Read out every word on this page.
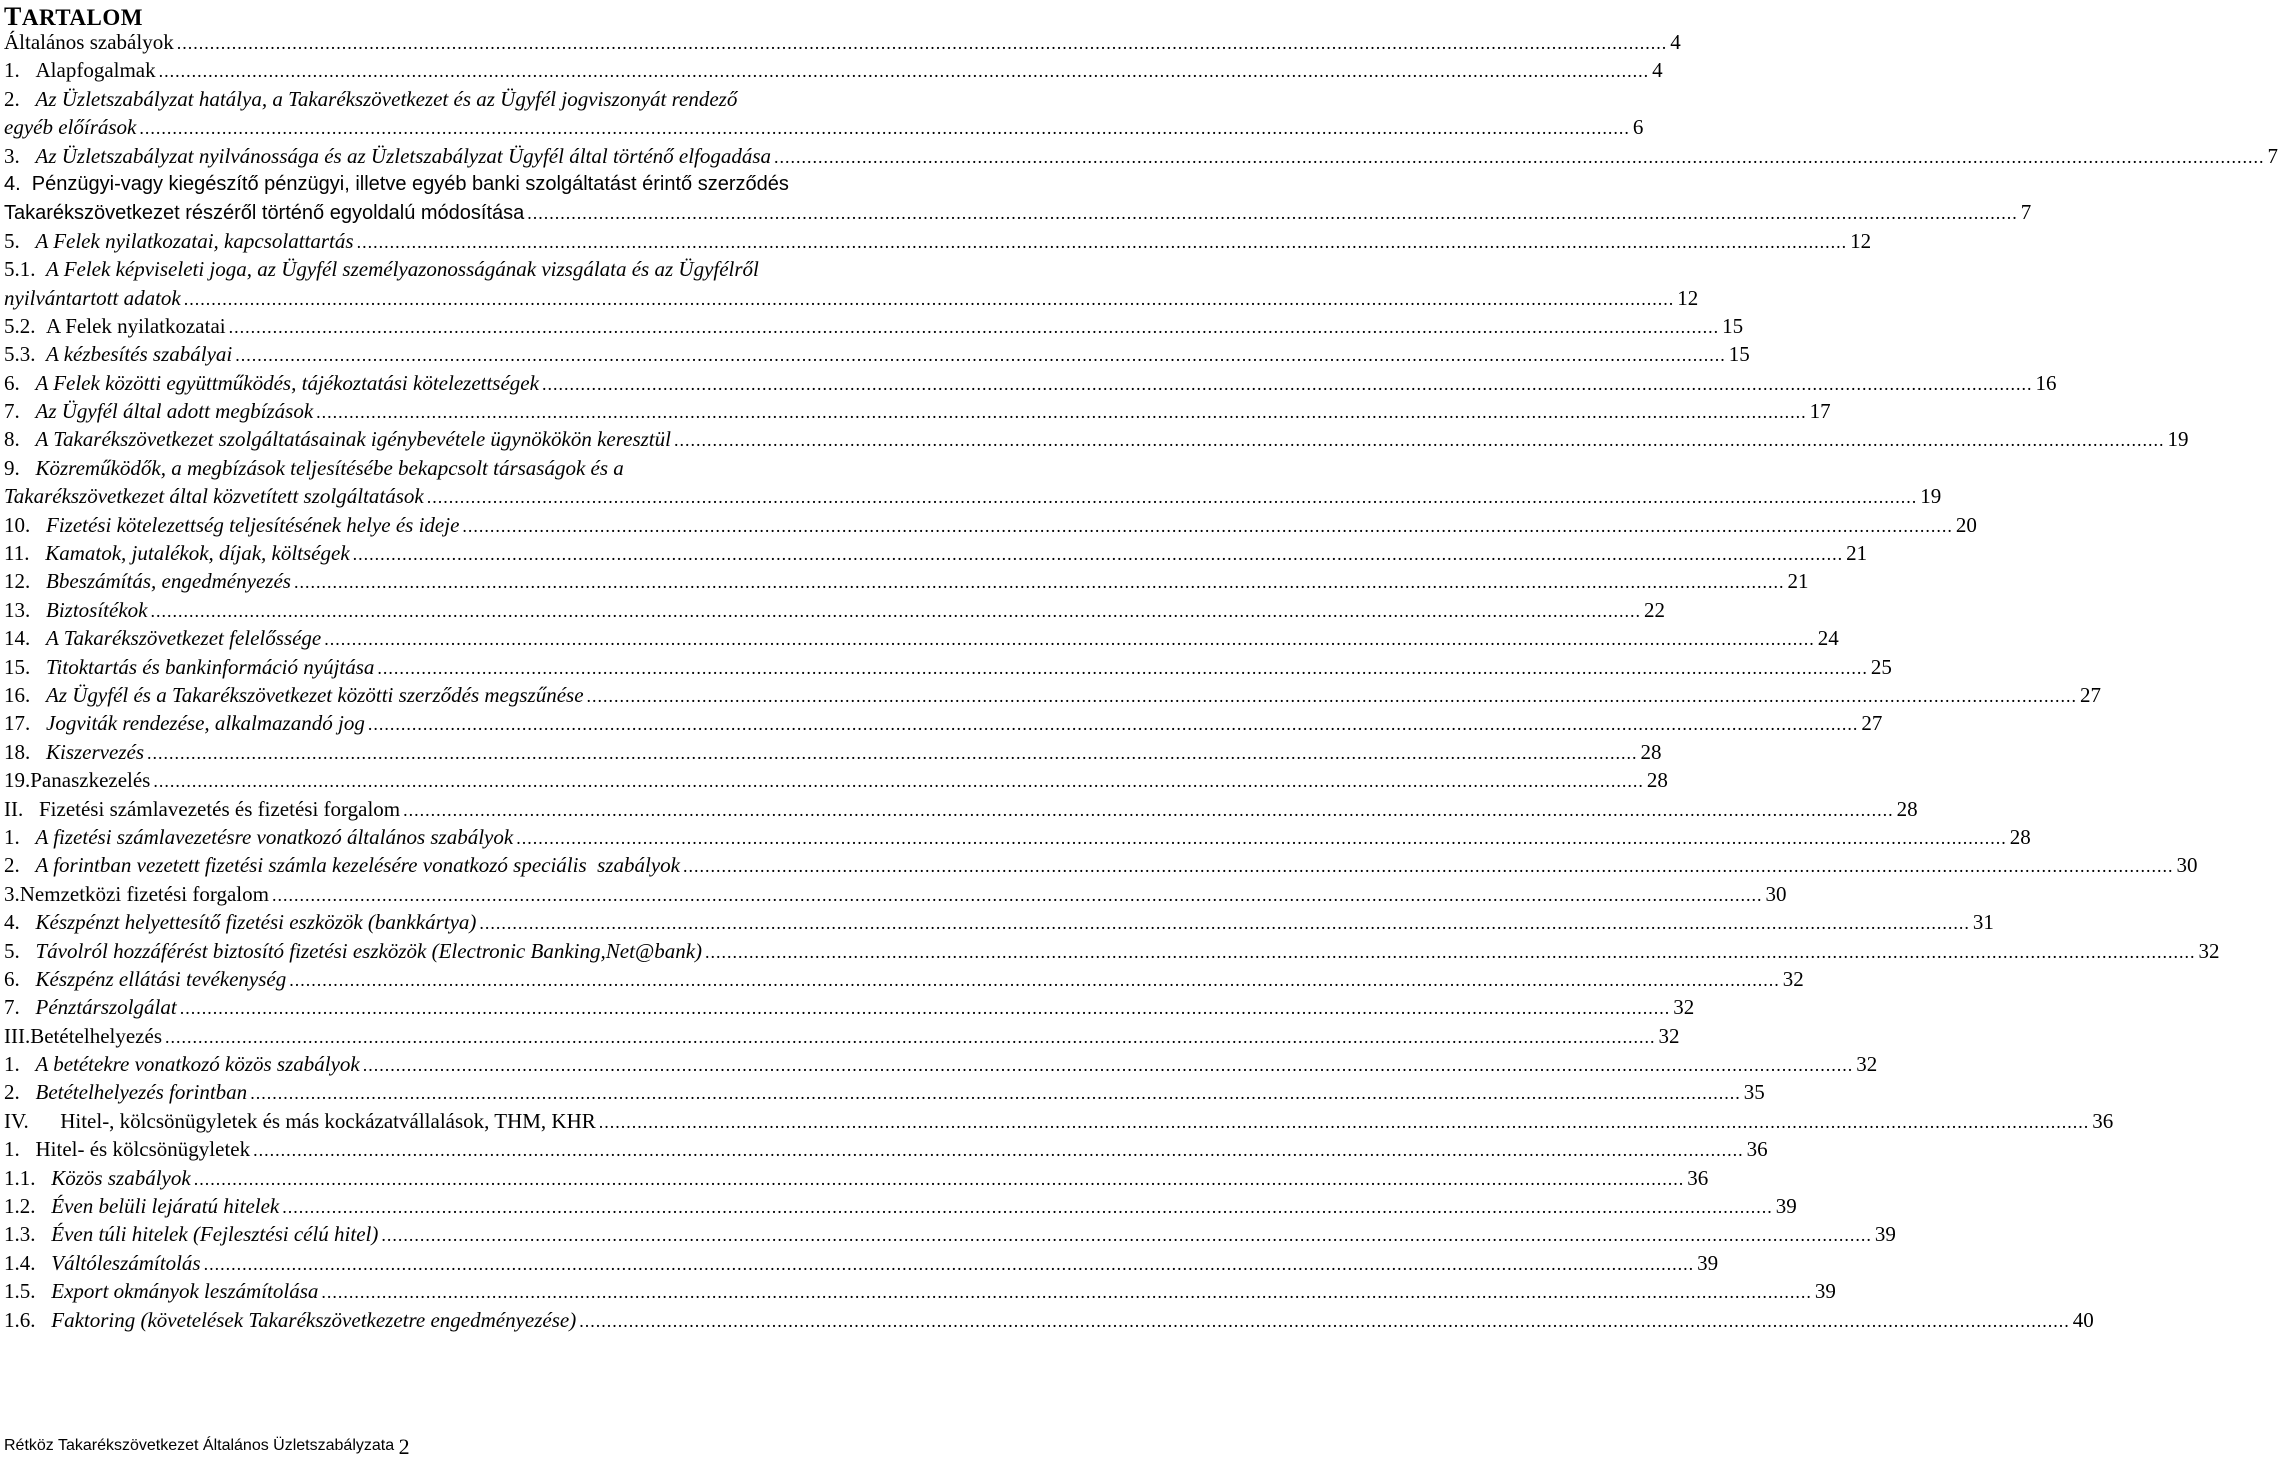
TARTALOM
Általános szabályok .....	4
1. Alapfogalmak .....	4
2. Az Üzletszabályzat hatálya, a Takarékszövetkezet és az Ügyfél jogviszonyát rendező
egyéb előírások .....	6
3. Az Üzletszabályzat nyilvánossága és az Üzletszabályzat Ügyfél által történő elfogadása .....	7
4. Pénzügyi-vagy kiegészítő pénzügyi, illetve egyéb banki szolgáltatást érintő szerződés
Takarékszövetkezet részéről történő egyoldalú módosítása .....	7
5. A Felek nyilatkozatai, kapcsolattartás .....	12
5.1. A Felek képviseleti joga, az Ügyfél személyazonosságának vizsgálata és az Ügyfélről
nyilvántartott adatok .....	12
5.2. A Felek nyilatkozatai .....	15
5.3. A kézbesítés szabályai .....	15
6. A Felek közötti együttműködés, tájékoztatási kötelezettségek .....	16
7. Az Ügyfél által adott megbízások .....	17
8. A Takarékszövetkezet szolgáltatásainak igénybevétele ügynökökön keresztül .....	19
9. Közreműködők, a megbízások teljesítésébe bekapcsolt társaságok és a
Takarékszövetkezet által közvetített szolgáltatások .....	19
10. Fizetési kötelezettség teljesítésének helye és ideje .....	20
11. Kamatok, jutalékok, díjak, költségek .....	21
12. Bbeszámítás, engedményezés .....	21
13. Biztosítékok .....	22
14. A Takarékszövetkezet felelőssége .....	24
15. Titoktartás és bankinformáció nyújtása .....	25
16. Az Ügyfél és a Takarékszövetkezet közötti szerződés megszűnése .....	27
17. Jogviták rendezése, alkalmazandó jog .....	27
18. Kiszervezés .....	28
19. Panaszkezelés .....	28
II. Fizetési számlavezetés és fizetési forgalom .....	28
1. A fizetési számlavezetésre vonatkozó általános szabályok .....	28
2. A forintban vezetett fizetési számla kezelésére vonatkozó speciális  szabályok .....	30
3. Nemzetközi fizetési forgalom .....	30
4. Készpénzt helyettesítő fizetési eszközök (bankkártya) .....	31
5. Távolról hozzáférést biztosító fizetési eszközök (Electronic Banking,Net@bank) .....	32
6. Készpénz ellátási tevékenység .....	32
7. Pénztárszolgálat .....	32
III. Betételhelyezés .....	32
1. A betétekre vonatkozó közös szabályok .....	32
2. Betételhelyezés forintban .....	35
IV. Hitel-, kölcsönügyletek és más kockázatvállalások, THM, KHR .....	36
1. Hitel- és kölcsönügyletek .....	36
1.1. Közös szabályok .....	36
1.2. Éven belüli lejáratú hitelek .....	39
1.3. Éven túli hitelek (Fejlesztési célú hitel) .....	39
1.4. Váltóleszámítolás .....	39
1.5. Export okmányok leszámítolása .....	39
1.6. Faktoring (követelések Takarékszövetkezetre engedményezése) .....	40
Rétköz Takarékszövetkezet Általános Üzletszabályzata 2
